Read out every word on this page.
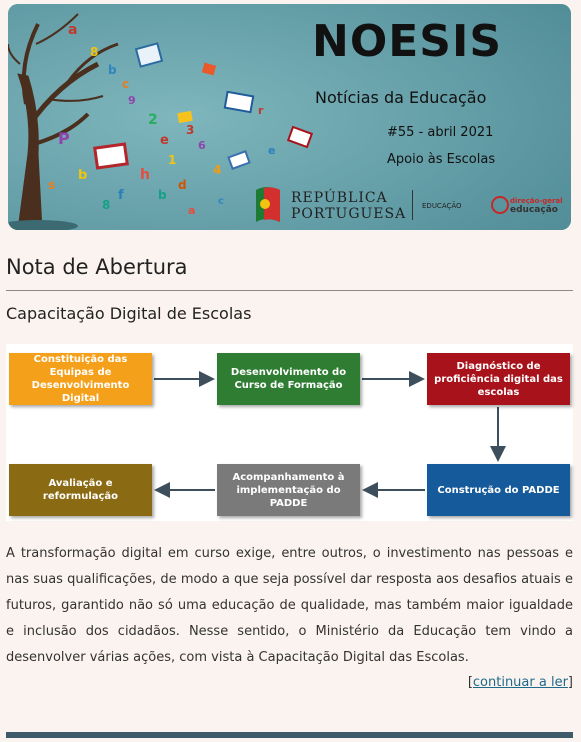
a
8
b
c
9
2
e
1
h
f	b
d
6
4
3
b
P
s
e
r
8	a
c
NOESIS
Notícias da Educação
#55 - abril 2021
Apoio às Escolas
REPÚBLICA
PORTUGUESA EDUCAÇÃO
direção-geral
educação
Nota de Abertura
Capacitação Digital de Escolas
Constituição das Equipas de Desenvolvimento Digital
Desenvolvimento do Curso de Formação
Diagnóstico de proficiência digital das escolas
Construção do PADDE
Acompanhamento à implementação do PADDE
Avaliação e reformulação

A transformação digital em curso exige, entre outros, o investimento nas pessoas e nas suas qualificações, de modo a que seja possível dar resposta aos desafios atuais e futuros, garantido não só uma educação de qualidade, mas também maior igualdade e inclusão dos cidadãos. Nesse sentido, o Ministério da Educação tem vindo a desenvolver várias ações, com vista à Capacitação Digital das Escolas.

[continuar a ler]
